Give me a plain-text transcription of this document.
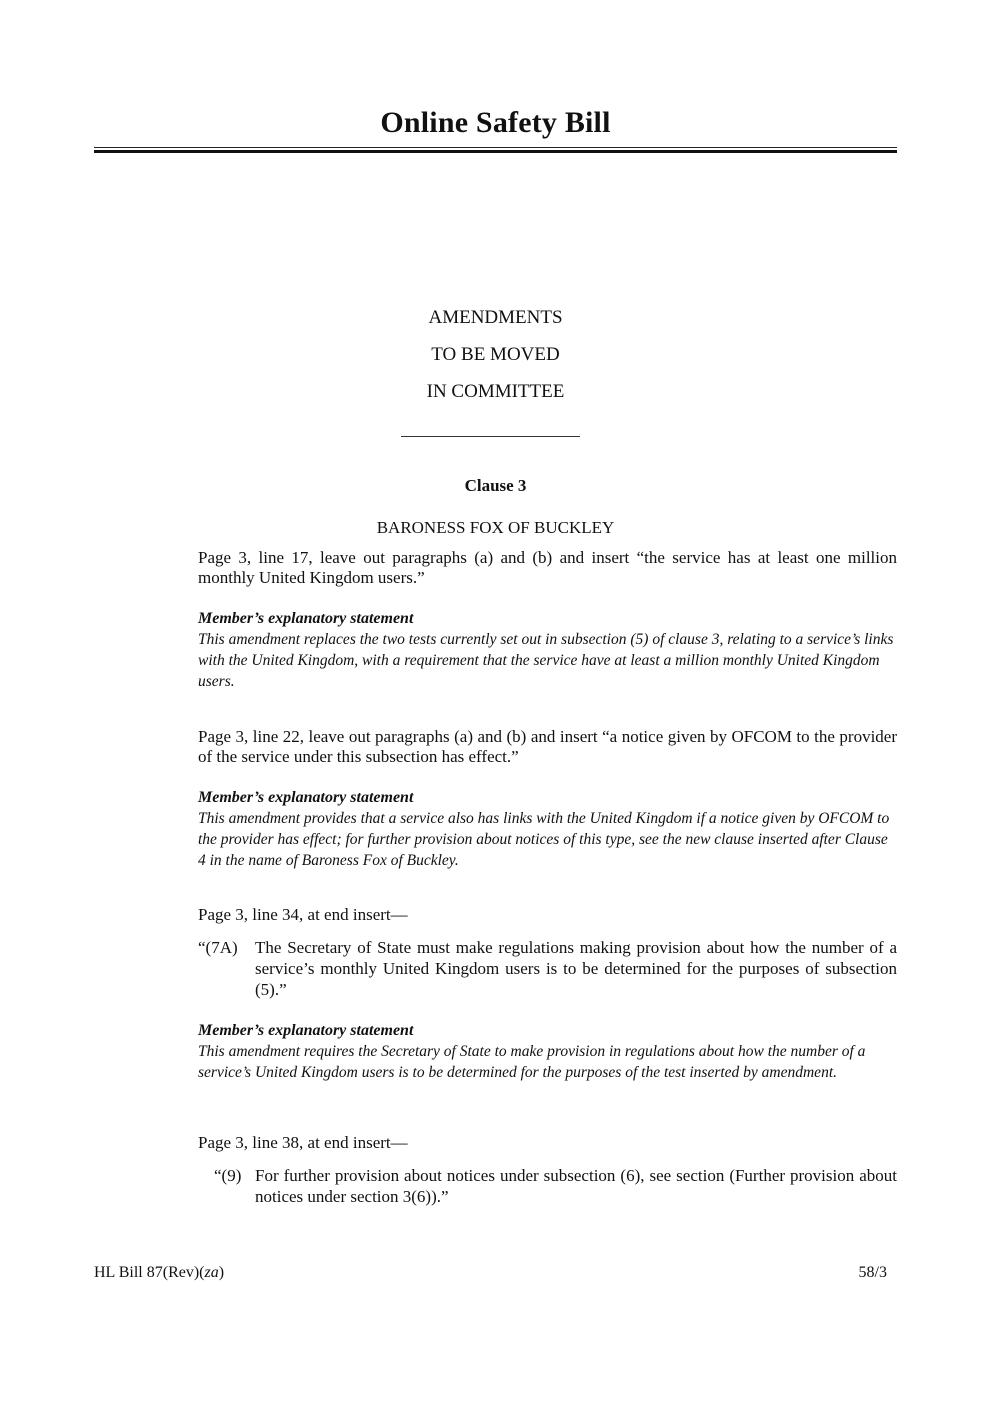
Online Safety Bill
AMENDMENTS
TO BE MOVED
IN COMMITTEE
Clause 3
BARONESS FOX OF BUCKLEY
Page 3, line 17, leave out paragraphs (a) and (b) and insert “the service has at least one million monthly United Kingdom users.”
Member’s explanatory statement
This amendment replaces the two tests currently set out in subsection (5) of clause 3, relating to a service’s links with the United Kingdom, with a requirement that the service have at least a million monthly United Kingdom users.
Page 3, line 22, leave out paragraphs (a) and (b) and insert “a notice given by OFCOM to the provider of the service under this subsection has effect.”
Member’s explanatory statement
This amendment provides that a service also has links with the United Kingdom if a notice given by OFCOM to the provider has effect; for further provision about notices of this type, see the new clause inserted after Clause 4 in the name of Baroness Fox of Buckley.
Page 3, line 34, at end insert—
“(7A)	The Secretary of State must make regulations making provision about how the number of a service’s monthly United Kingdom users is to be determined for the purposes of subsection (5).”
Member’s explanatory statement
This amendment requires the Secretary of State to make provision in regulations about how the number of a service’s United Kingdom users is to be determined for the purposes of the test inserted by amendment.
Page 3, line 38, at end insert—
“(9) For further provision about notices under subsection (6), see section (Further provision about notices under section 3(6)).”
HL Bill 87(Rev)(za)	58/3
